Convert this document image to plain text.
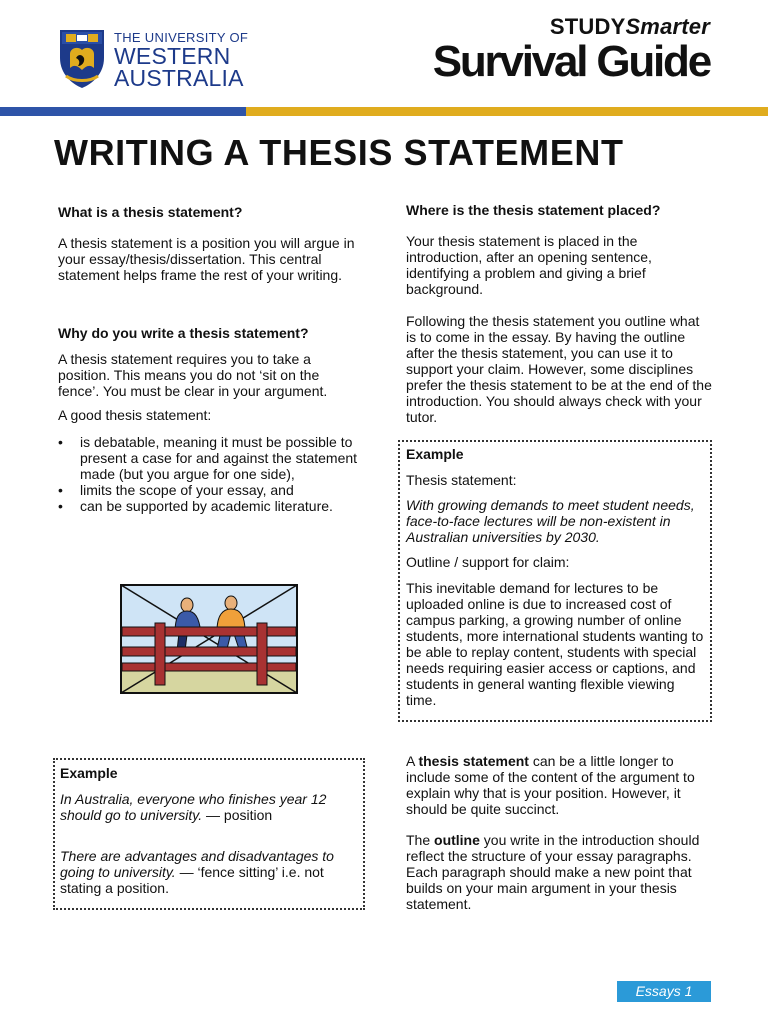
THE UNIVERSITY OF
WESTERN
AUSTRALIA
STUDYSmarter
Survival Guide
WRITING A THESIS STATEMENT
What is a thesis statement?
A thesis statement is a position you will argue in your essay/thesis/dissertation. This central statement helps frame the rest of your writing.
Why do you write a thesis statement?
A thesis statement requires you to take a position. This means you do not ‘sit on the fence’. You must be clear in your argument.
A good thesis statement:
• is debatable, meaning it must be possible to present a case for and against the statement made (but you argue for one side),
• limits the scope of your essay, and
• can be supported by academic literature.
Example
In Australia, everyone who finishes year 12 should go to university. — position
There are advantages and disadvantages to going to university. — ‘fence sitting’ i.e. not stating a position.
Where is the thesis statement placed?
Your thesis statement is placed in the introduction, after an opening sentence, identifying a problem and giving a brief background.
Following the thesis statement you outline what is to come in the essay. By having the outline after the thesis statement, you can use it to support your claim. However, some disciplines prefer the thesis statement to be at the end of the introduction. You should always check with your tutor.
Example
Thesis statement:
With growing demands to meet student needs, face-to-face lectures will be non-existent in Australian universities by 2030.
Outline / support for claim:
This inevitable demand for lectures to be uploaded online is due to increased cost of campus parking, a growing number of online students, more international students wanting to be able to replay content, students with special needs requiring easier access or captions, and students in general wanting flexible viewing time.
A thesis statement can be a little longer to include some of the content of the argument to explain why that is your position. However, it should be quite succinct.
The outline you write in the introduction should reflect the structure of your essay paragraphs. Each paragraph should make a new point that builds on your main argument in your thesis statement.
Essays 1
